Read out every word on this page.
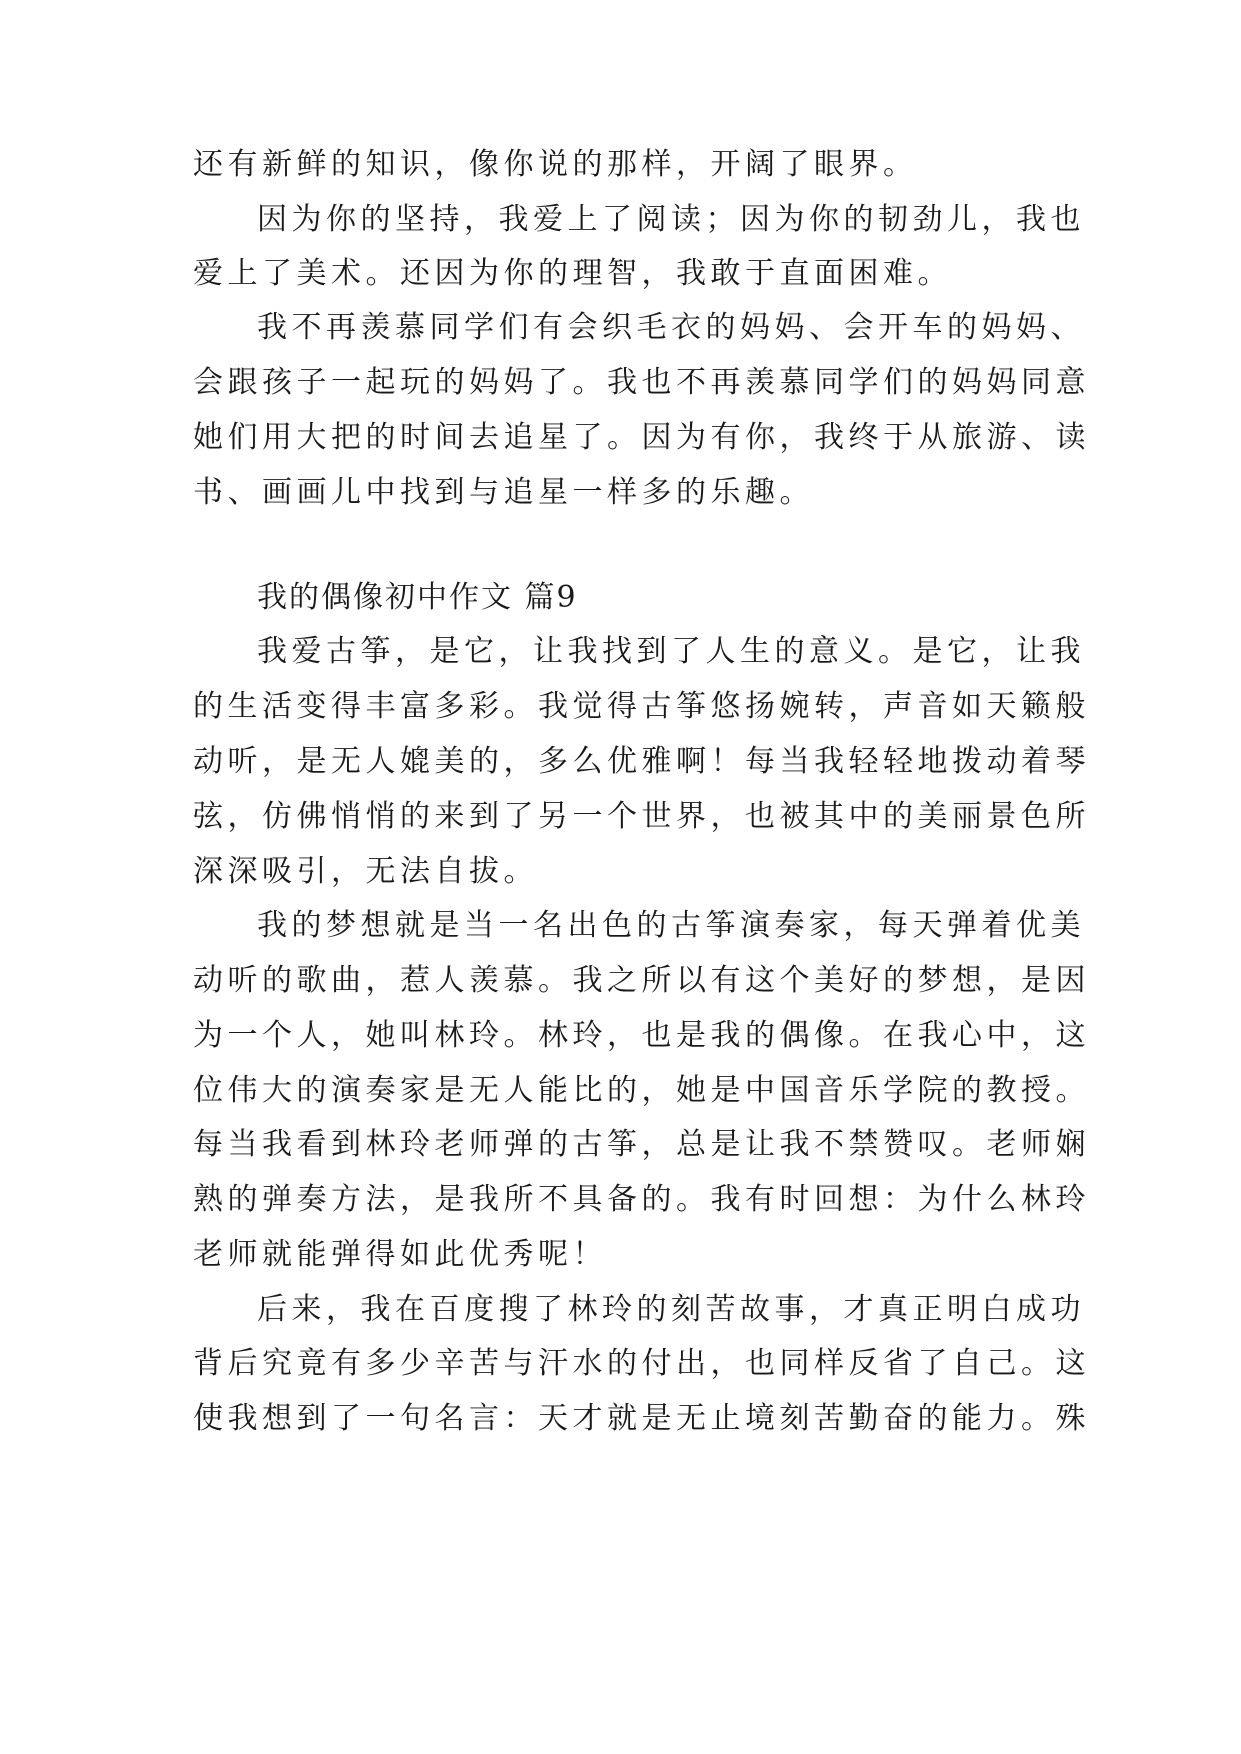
还有新鲜的知识，像你说的那样，开阔了眼界。
因为你的坚持，我爱上了阅读；因为你的韧劲儿，我也
爱上了美术。还因为你的理智，我敢于直面困难。
我不再羡慕同学们有会织毛衣的妈妈、会开车的妈妈、
会跟孩子一起玩的妈妈了。我也不再羡慕同学们的妈妈同意
她们用大把的时间去追星了。因为有你，我终于从旅游、读
书、画画儿中找到与追星一样多的乐趣。
我的偶像初中作文 篇9
我爱古筝，是它，让我找到了人生的意义。是它，让我
的生活变得丰富多彩。我觉得古筝悠扬婉转，声音如天籁般
动听，是无人媲美的，多么优雅啊！每当我轻轻地拨动着琴
弦，仿佛悄悄的来到了另一个世界，也被其中的美丽景色所
深深吸引，无法自拔。
我的梦想就是当一名出色的古筝演奏家，每天弹着优美
动听的歌曲，惹人羡慕。我之所以有这个美好的梦想，是因
为一个人，她叫林玲。林玲，也是我的偶像。在我心中，这
位伟大的演奏家是无人能比的，她是中国音乐学院的教授。
每当我看到林玲老师弹的古筝，总是让我不禁赞叹。老师娴
熟的弹奏方法，是我所不具备的。我有时回想：为什么林玲
老师就能弹得如此优秀呢！
后来，我在百度搜了林玲的刻苦故事，才真正明白成功
背后究竟有多少辛苦与汗水的付出，也同样反省了自己。这
使我想到了一句名言：天才就是无止境刻苦勤奋的能力。殊
